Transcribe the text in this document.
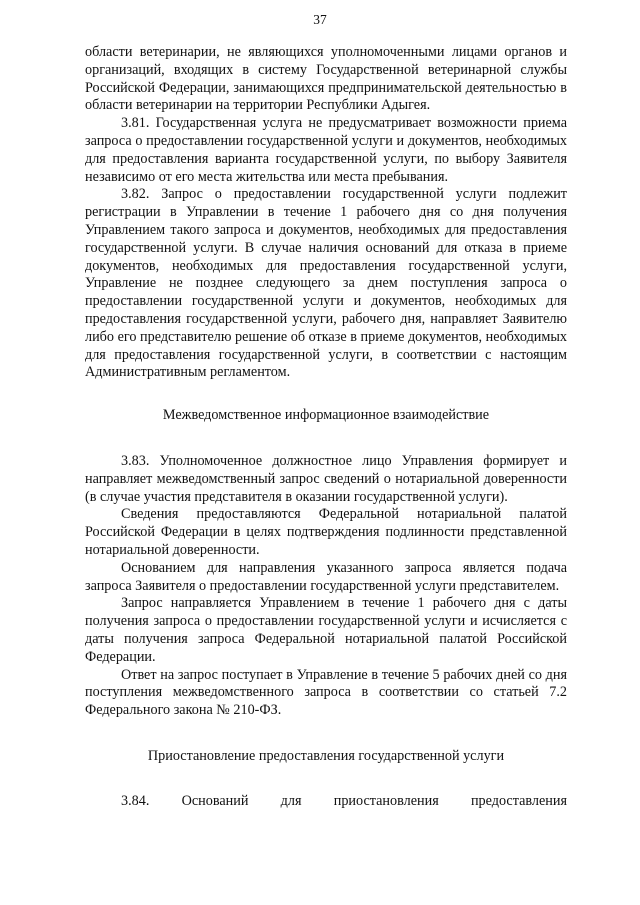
37

области ветеринарии, не являющихся уполномоченными лицами органов и организаций, входящих в систему Государственной ветеринарной службы Российской Федерации, занимающихся предпринимательской деятельностью в области ветеринарии на территории Республики Адыгея.

3.81. Государственная услуга не предусматривает возможности приема запроса о предоставлении государственной услуги и документов, необходимых для предоставления варианта государственной услуги, по выбору Заявителя независимо от его места жительства или места пребывания.

3.82. Запрос о предоставлении государственной услуги подлежит регистрации в Управлении в течение 1 рабочего дня со дня получения Управлением такого запроса и документов, необходимых для предоставления государственной услуги. В случае наличия оснований для отказа в приеме документов, необходимых для предоставления государственной услуги, Управление не позднее следующего за днем поступления запроса о предоставлении государственной услуги и документов, необходимых для предоставления государственной услуги, рабочего дня, направляет Заявителю либо его представителю решение об отказе в приеме документов, необходимых для предоставления государственной услуги, в соответствии с настоящим Административным регламентом.

Межведомственное информационное взаимодействие

3.83. Уполномоченное должностное лицо Управления формирует и направляет межведомственный запрос сведений о нотариальной доверенности (в случае участия представителя в оказании государственной услуги).

Сведения предоставляются Федеральной нотариальной палатой Российской Федерации в целях подтверждения подлинности представленной нотариальной доверенности.

Основанием для направления указанного запроса является подача запроса Заявителя о предоставлении государственной услуги представителем.

Запрос направляется Управлением в течение 1 рабочего дня с даты получения запроса о предоставлении государственной услуги и исчисляется с даты получения запроса Федеральной нотариальной палатой Российской Федерации.

Ответ на запрос поступает в Управление в течение 5 рабочих дней со дня поступления межведомственного запроса в соответствии со статьей 7.2 Федерального закона № 210-ФЗ.

Приостановление предоставления государственной услуги

3.84. Оснований для приостановления предоставления
